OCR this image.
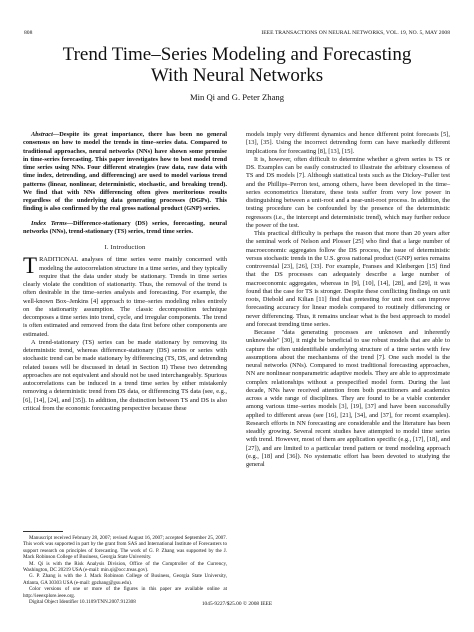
808	IEEE TRANSACTIONS ON NEURAL NETWORKS, VOL. 19, NO. 5, MAY 2008
Trend Time–Series Modeling and Forecasting
With Neural Networks
Min Qi and G. Peter Zhang

Abstract—Despite its great importance, there has been no general consensus on how to model the trends in time–series data. Compared to traditional approaches, neural networks (NNs) have shown some promise in time-series forecasting. This paper investigates how to best model trend time series using NNs. Four different strategies (raw data, raw data with time index, detrending, and differencing) are used to model various trend patterns (linear, nonlinear, deterministic, stochastic, and breaking trend). We find that with NNs differencing often gives meritorious results regardless of the underlying data generating processes (DGPs). This finding is also confirmed by the real gross national product (GNP) series.

Index Terms—Difference-stationary (DS) series, forecasting, neural networks (NNs), trend-stationary (TS) series, trend time series.

I. Introduction

TRADITIONAL analyses of time series were mainly concerned with modeling the autocorrelation structure in a time series, and they typically require that the data under study be stationary. Trends in time series clearly violate the condition of stationarity. Thus, the removal of the trend is often desirable in the time–series analysis and forecasting. For example, the well-known Box–Jenkins [4] approach to time–series modeling relies entirely on the stationarity assumption. The classic decomposition technique decomposes a time series into trend, cycle, and irregular components. The trend is often estimated and removed from the data first before other components are estimated.

A trend-stationary (TS) series can be made stationary by removing its deterministic trend, whereas difference-stationary (DS) series or series with stochastic trend can be made stationary by differencing (TS, DS, and detrending related issues will be discussed in detail in Section II) These two detrending approaches are not equivalent and should not be used interchangeably. Spurious autocorrelations can be induced in a trend time series by either mistakenly removing a deterministic trend from DS data, or differencing TS data (see, e.g., [6], [14], [24], and [35]). In addition, the distinction between TS and DS is also critical from the economic forecasting perspective because these

Manuscript received February 28, 2007; revised August 16, 2007; accepted September 25, 2007. This work was supported in part by the grant from SAS and International Institute of Forecasters to support research on principles of forecasting. The work of G. P. Zhang was supported by the J. Mack Robinson College of Business, Georgia State University.

M. Qi is with the Risk Analysis Division, Office of the Comptroller of the Currency, Washington, DC 20219 USA (e-mail: min.qi@occ.treas.gov).

G. P. Zhang is with the J. Mack Robinson College of Business, Georgia State University, Atlanta, GA 30303 USA (e-mail: gpzhang@gsu.edu).

Color versions of one or more of the figures in this paper are available online at http://ieeexplore.ieee.org.

Digital Object Identifier 10.1109/TNN.2007.912308

models imply very different dynamics and hence different point forecasts [5], [13], [35]. Using the incorrect detrending form can have markedly different implications for forecasting [8], [13], [15].

It is, however, often difficult to determine whether a given series is TS or DS. Examples can be easily constructed to illustrate the arbitrary closeness of TS and DS models [7]. Although statistical tests such as the Dickey–Fuller test and the Phillips–Perron test, among others, have been developed in the time–series econometrics literature, these tests suffer from very low power in distinguishing between a unit-root and a near-unit-root process. In addition, the testing procedure can be confounded by the presence of the deterministic regressors (i.e., the intercept and deterministic trend), which may further reduce the power of the test.

This practical difficulty is perhaps the reason that more than 20 years after the seminal work of Nelson and Plosser [25] who find that a large number of macroeconomic aggregates follow the DS process, the issue of deterministic versus stochastic trends in the U.S. gross national product (GNP) series remains controversial [23], [26], [33]. For example, Franses and Kleibergen [15] find that the DS processes can adequately describe a large number of macroeconomic aggregates, whereas in [9], [10], [14], [28], and [29], it was found that the case for TS is stronger. Despite these conflicting findings on unit roots, Diebold and Kilian [11] find that pretesting for unit root can improve forecasting accuracy for linear models compared to routinely differencing or never differencing. Thus, it remains unclear what is the best approach to model and forecast trending time series.

Because "data generating processes are unknown and inherently unknowable" [30], it might be beneficial to use robust models that are able to capture the often unidentifiable underlying structure of a time series with few assumptions about the mechanisms of the trend [7]. One such model is the neural networks (NNs). Compared to most traditional forecasting approaches, NN are nonlinear nonparametric adaptive models. They are able to approximate complex relationships without a prespecified model form. During the last decade, NNs have received attention from both practitioners and academics across a wide range of disciplines. They are found to be a viable contender among various time–series models [3], [19], [37] and have been successfully applied to different areas (see [16], [21], [34], and [37], for recent examples). Research efforts in NN forecasting are considerable and the literature has been steadily growing. Several recent studies have attempted to model time series with trend. However, most of them are application specific (e.g., [17], [18], and [27]), and are limited to a particular trend pattern or trend modeling approach (e.g., [18] and [36]). No systematic effort has been devoted to studying the general

1045-9227/$25.00 © 2008 IEEE
